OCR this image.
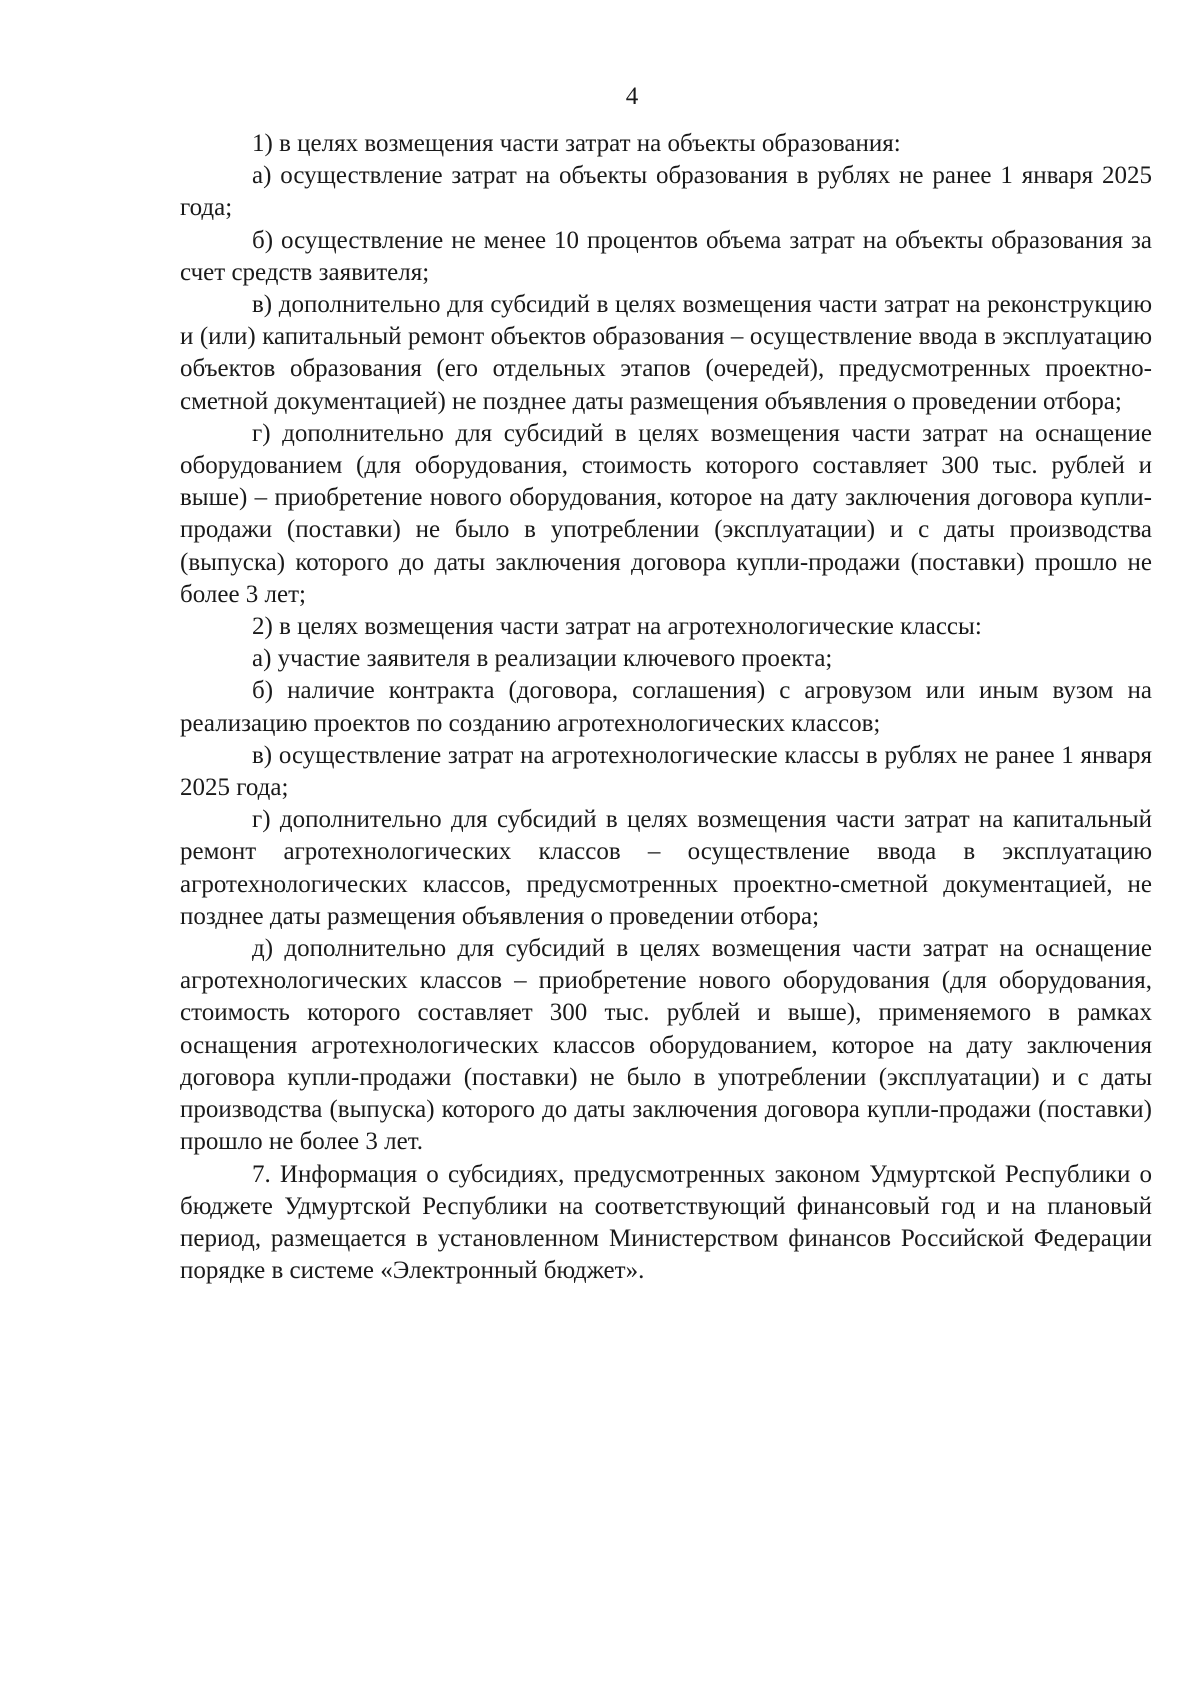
4

1) в целях возмещения части затрат на объекты образования:

а) осуществление затрат на объекты образования в рублях не ранее 1 января 2025 года;

б) осуществление не менее 10 процентов объема затрат на объекты образования за счет средств заявителя;

в) дополнительно для субсидий в целях возмещения части затрат на реконструкцию и (или) капитальный ремонт объектов образования – осуществление ввода в эксплуатацию объектов образования (его отдельных этапов (очередей), предусмотренных проектно-сметной документацией) не позднее даты размещения объявления о проведении отбора;

г) дополнительно для субсидий в целях возмещения части затрат на оснащение оборудованием (для оборудования, стоимость которого составляет 300 тыс. рублей и выше) – приобретение нового оборудования, которое на дату заключения договора купли-продажи (поставки) не было в употреблении (эксплуатации) и с даты производства (выпуска) которого до даты заключения договора купли-продажи (поставки) прошло не более 3 лет;

2) в целях возмещения части затрат на агротехнологические классы:

а) участие заявителя в реализации ключевого проекта;

б) наличие контракта (договора, соглашения) с агровузом или иным вузом на реализацию проектов по созданию агротехнологических классов;

в) осуществление затрат на агротехнологические классы в рублях не ранее 1 января 2025 года;

г) дополнительно для субсидий в целях возмещения части затрат на капитальный ремонт агротехнологических классов – осуществление ввода в эксплуатацию агротехнологических классов, предусмотренных проектно-сметной документацией, не позднее даты размещения объявления о проведении отбора;

д) дополнительно для субсидий в целях возмещения части затрат на оснащение агротехнологических классов – приобретение нового оборудования (для оборудования, стоимость которого составляет 300 тыс. рублей и выше), применяемого в рамках оснащения агротехнологических классов оборудованием, которое на дату заключения договора купли-продажи (поставки) не было в употреблении (эксплуатации) и с даты производства (выпуска) которого до даты заключения договора купли-продажи (поставки) прошло не более 3 лет.

7. Информация о субсидиях, предусмотренных законом Удмуртской Республики о бюджете Удмуртской Республики на соответствующий финансовый год и на плановый период, размещается в установленном Министерством финансов Российской Федерации порядке в системе «Электронный бюджет».
